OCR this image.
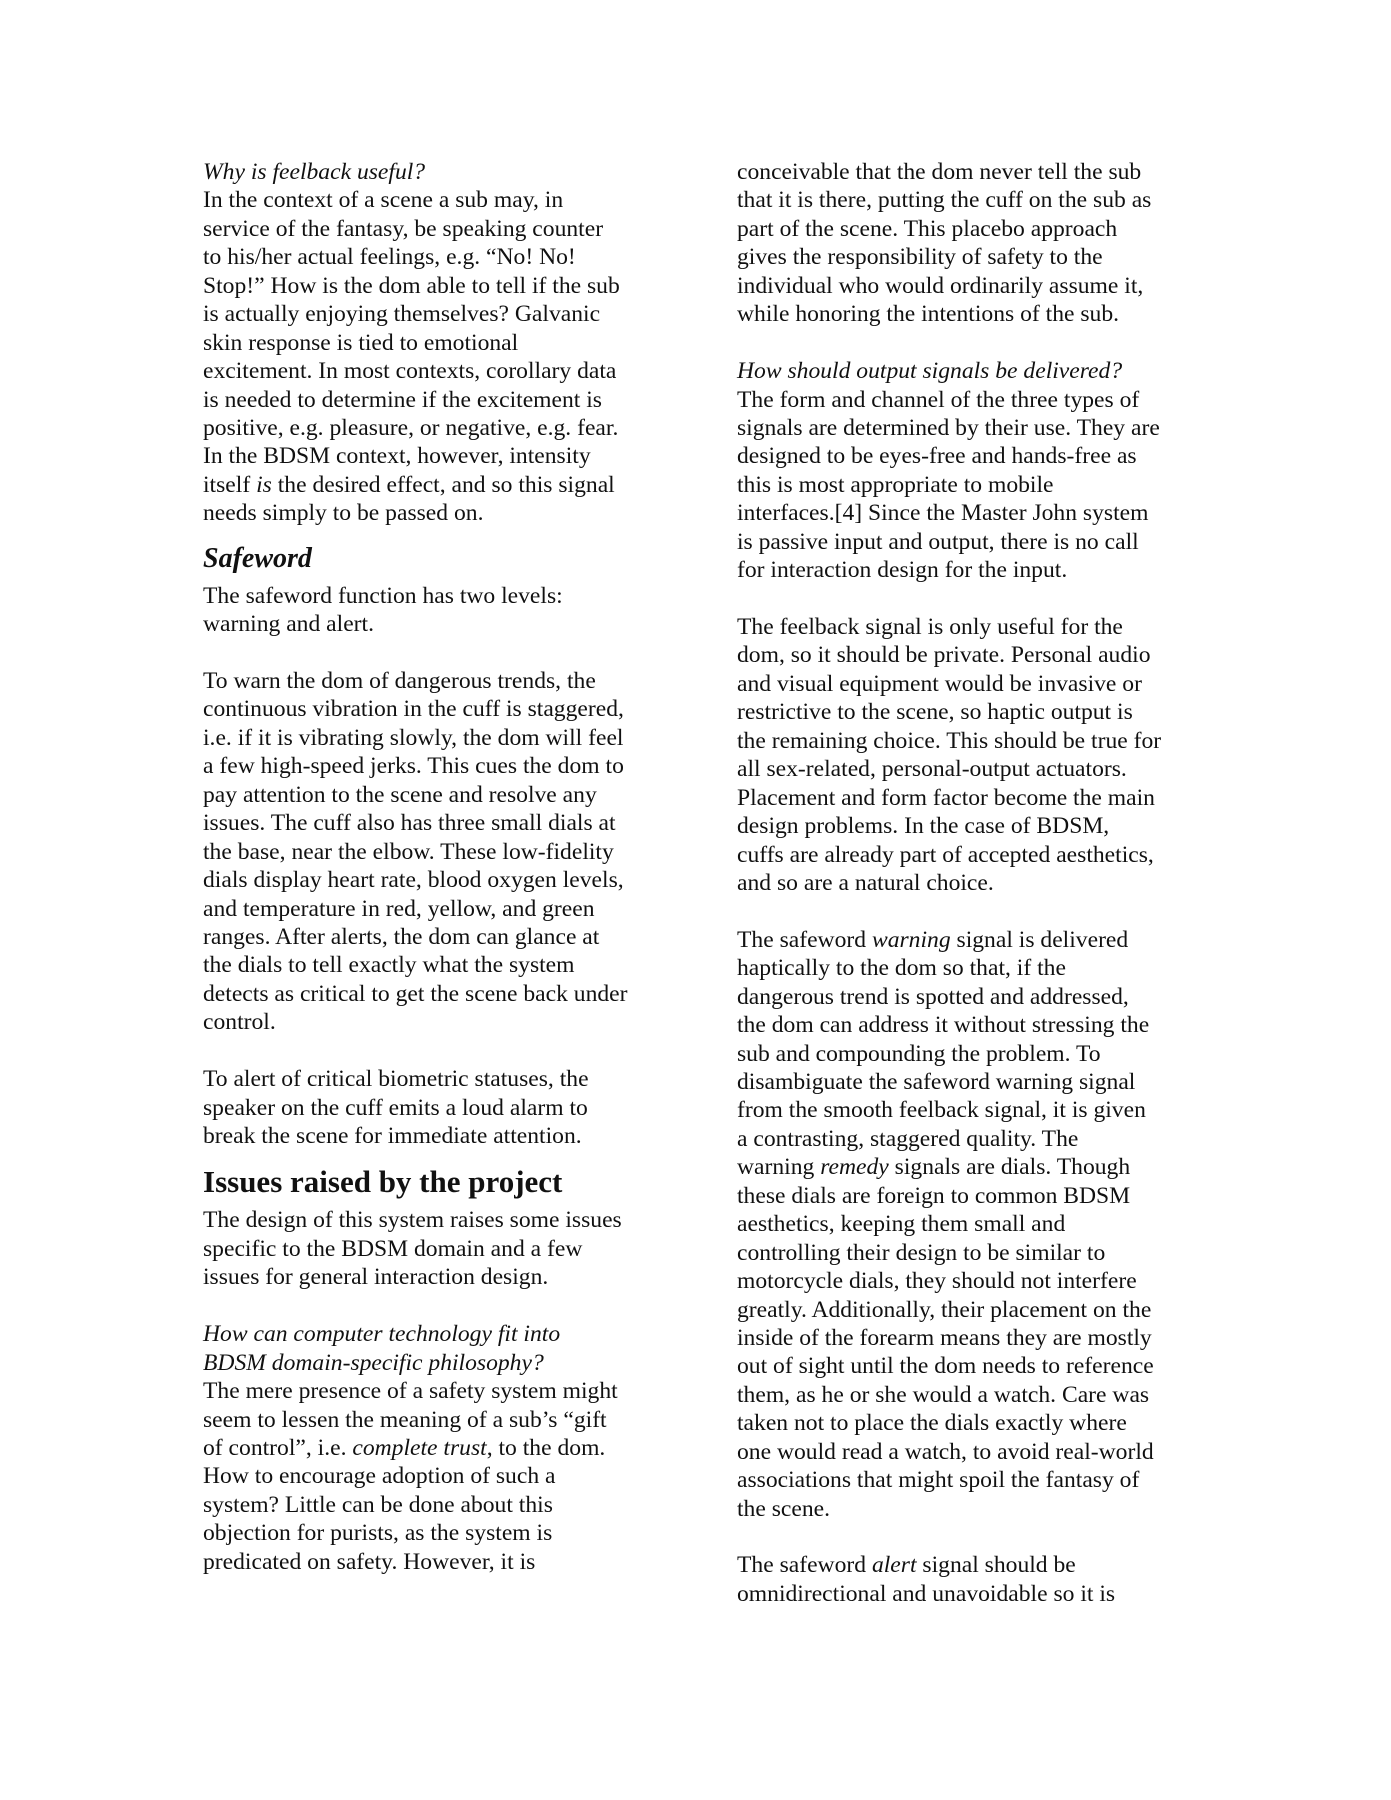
Why is feelback useful?
In the context of a scene a sub may, in
service of the fantasy, be speaking counter
to his/her actual feelings, e.g. “No! No!
Stop!” How is the dom able to tell if the sub
is actually enjoying themselves? Galvanic
skin response is tied to emotional
excitement. In most contexts, corollary data
is needed to determine if the excitement is
positive, e.g. pleasure, or negative, e.g. fear.
In the BDSM context, however, intensity
itself is the desired effect, and so this signal
needs simply to be passed on.
Safeword
The safeword function has two levels:
warning and alert.
To warn the dom of dangerous trends, the
continuous vibration in the cuff is staggered,
i.e. if it is vibrating slowly, the dom will feel
a few high-speed jerks. This cues the dom to
pay attention to the scene and resolve any
issues. The cuff also has three small dials at
the base, near the elbow. These low-fidelity
dials display heart rate, blood oxygen levels,
and temperature in red, yellow, and green
ranges. After alerts, the dom can glance at
the dials to tell exactly what the system
detects as critical to get the scene back under
control.
To alert of critical biometric statuses, the
speaker on the cuff emits a loud alarm to
break the scene for immediate attention.
Issues raised by the project
The design of this system raises some issues
specific to the BDSM domain and a few
issues for general interaction design.
How can computer technology fit into
BDSM domain-specific philosophy?
The mere presence of a safety system might
seem to lessen the meaning of a sub’s “gift
of control”, i.e. complete trust, to the dom.
How to encourage adoption of such a
system? Little can be done about this
objection for purists, as the system is
predicated on safety. However, it is
conceivable that the dom never tell the sub
that it is there, putting the cuff on the sub as
part of the scene. This placebo approach
gives the responsibility of safety to the
individual who would ordinarily assume it,
while honoring the intentions of the sub.
How should output signals be delivered?
The form and channel of the three types of
signals are determined by their use. They are
designed to be eyes-free and hands-free as
this is most appropriate to mobile
interfaces.[4] Since the Master John system
is passive input and output, there is no call
for interaction design for the input.
The feelback signal is only useful for the
dom, so it should be private. Personal audio
and visual equipment would be invasive or
restrictive to the scene, so haptic output is
the remaining choice. This should be true for
all sex-related, personal-output actuators.
Placement and form factor become the main
design problems. In the case of BDSM,
cuffs are already part of accepted aesthetics,
and so are a natural choice.
The safeword warning signal is delivered
haptically to the dom so that, if the
dangerous trend is spotted and addressed,
the dom can address it without stressing the
sub and compounding the problem. To
disambiguate the safeword warning signal
from the smooth feelback signal, it is given
a contrasting, staggered quality. The
warning remedy signals are dials. Though
these dials are foreign to common BDSM
aesthetics, keeping them small and
controlling their design to be similar to
motorcycle dials, they should not interfere
greatly. Additionally, their placement on the
inside of the forearm means they are mostly
out of sight until the dom needs to reference
them, as he or she would a watch. Care was
taken not to place the dials exactly where
one would read a watch, to avoid real-world
associations that might spoil the fantasy of
the scene.
The safeword alert signal should be
omnidirectional and unavoidable so it is
